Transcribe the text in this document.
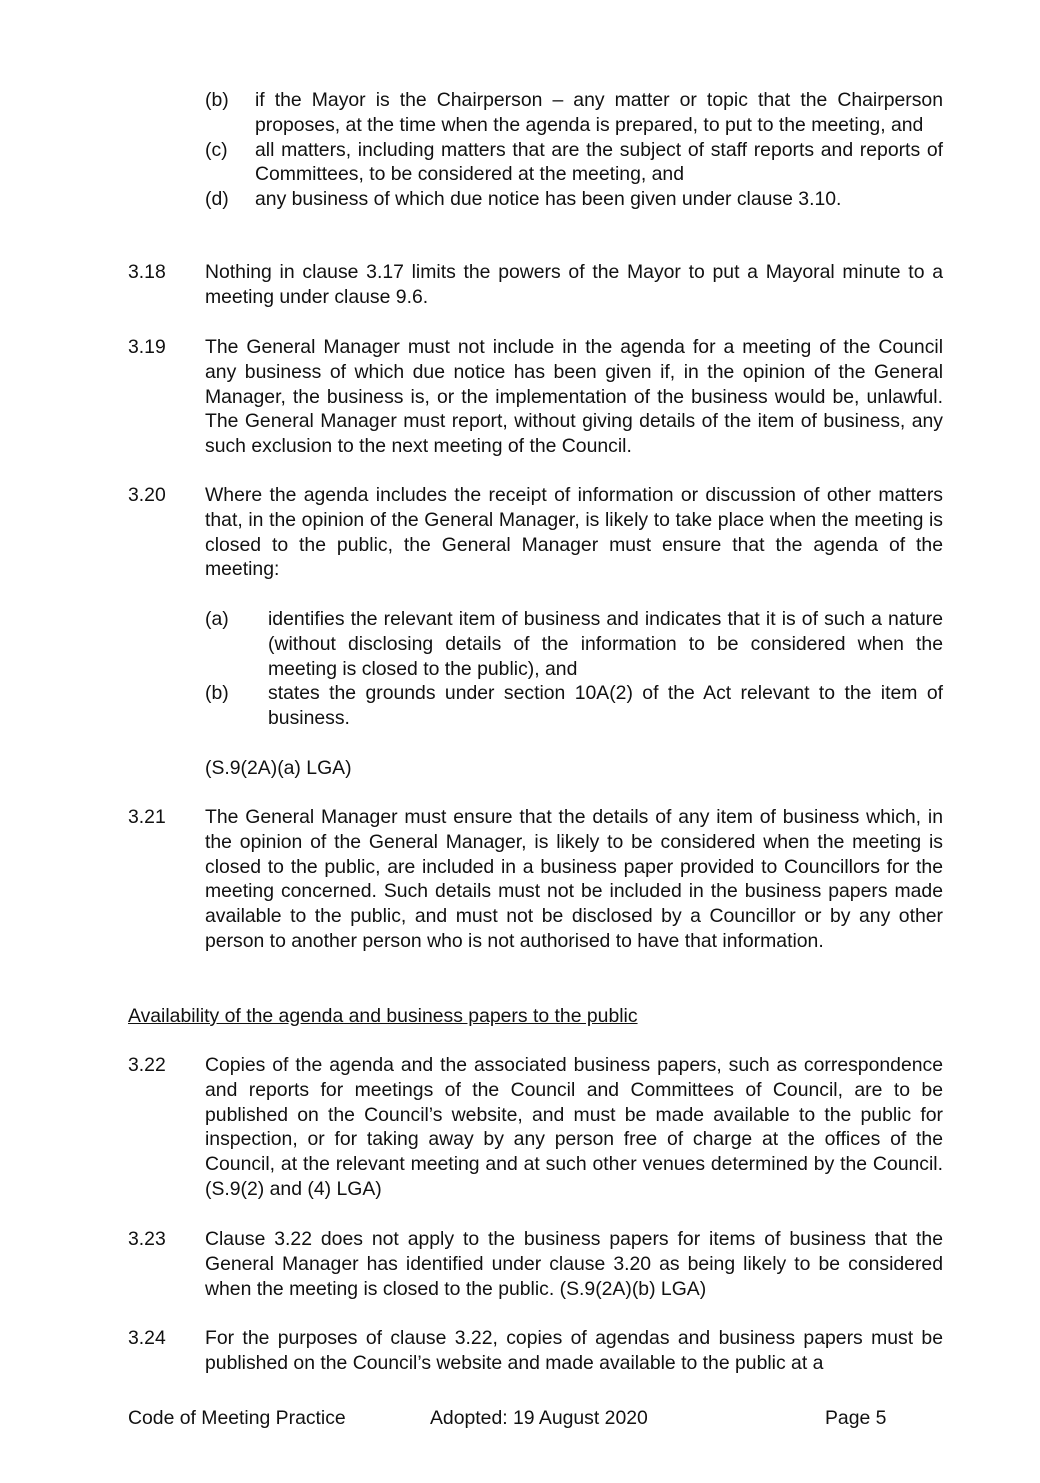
(b) if the Mayor is the Chairperson – any matter or topic that the Chairperson proposes, at the time when the agenda is prepared, to put to the meeting, and
(c) all matters, including matters that are the subject of staff reports and reports of Committees, to be considered at the meeting, and
(d) any business of which due notice has been given under clause 3.10.
3.18	Nothing in clause 3.17 limits the powers of the Mayor to put a Mayoral minute to a meeting under clause 9.6.
3.19	The General Manager must not include in the agenda for a meeting of the Council any business of which due notice has been given if, in the opinion of the General Manager, the business is, or the implementation of the business would be, unlawful. The General Manager must report, without giving details of the item of business, any such exclusion to the next meeting of the Council.
3.20	Where the agenda includes the receipt of information or discussion of other matters that, in the opinion of the General Manager, is likely to take place when the meeting is closed to the public, the General Manager must ensure that the agenda of the meeting:
(a) identifies the relevant item of business and indicates that it is of such a nature (without disclosing details of the information to be considered when the meeting is closed to the public), and
(b) states the grounds under section 10A(2) of the Act relevant to the item of business.
(S.9(2A)(a) LGA)
3.21	The General Manager must ensure that the details of any item of business which, in the opinion of the General Manager, is likely to be considered when the meeting is closed to the public, are included in a business paper provided to Councillors for the meeting concerned. Such details must not be included in the business papers made available to the public, and must not be disclosed by a Councillor or by any other person to another person who is not authorised to have that information.
Availability of the agenda and business papers to the public
3.22	Copies of the agenda and the associated business papers, such as correspondence and reports for meetings of the Council and Committees of Council, are to be published on the Council’s website, and must be made available to the public for inspection, or for taking away by any person free of charge at the offices of the Council, at the relevant meeting and at such other venues determined by the Council. (S.9(2) and (4) LGA)
3.23	Clause 3.22 does not apply to the business papers for items of business that the General Manager has identified under clause 3.20 as being likely to be considered when the meeting is closed to the public. (S.9(2A)(b) LGA)
3.24	For the purposes of clause 3.22, copies of agendas and business papers must be published on the Council’s website and made available to the public at a
Code of Meeting Practice	Adopted: 19 August 2020	Page 5
